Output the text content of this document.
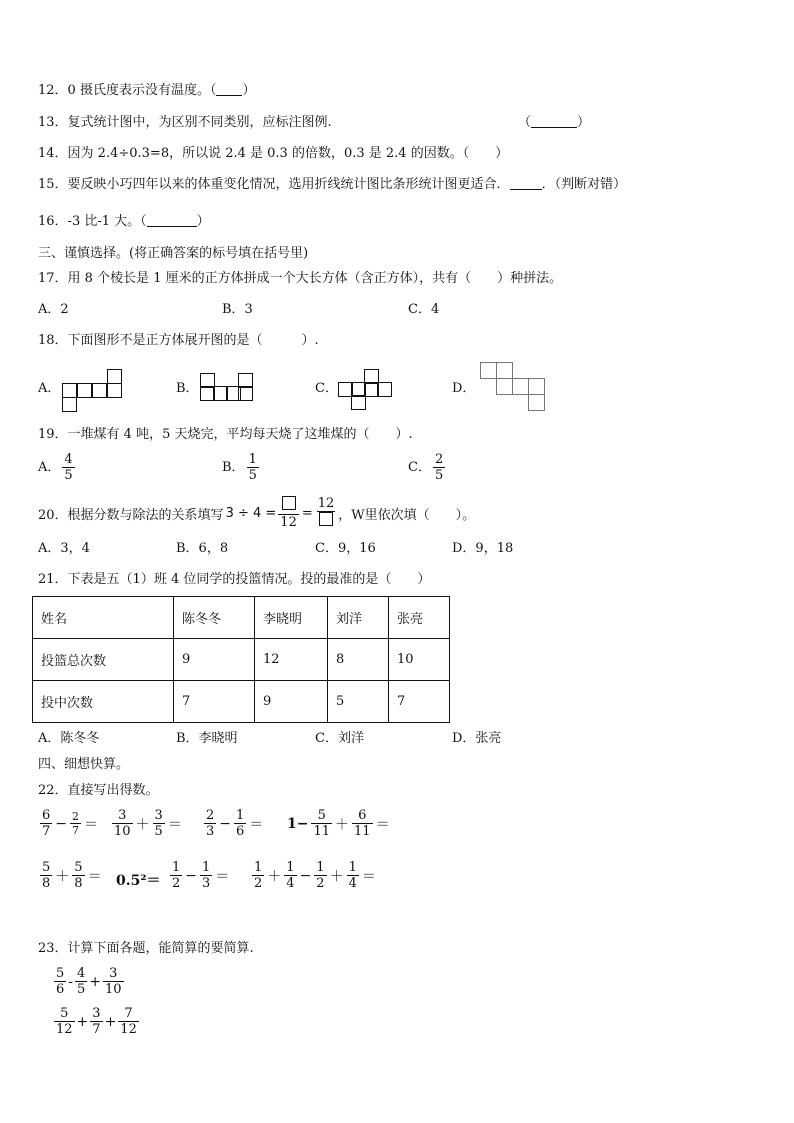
12．0 摄氏度表示没有温度。（ ）
13．复式统计图中，为区别不同类别，应标注图例.	（	）
14．因为 2.4÷0.3=8，所以说 2.4 是 0.3 的倍数，0.3 是 2.4 的因数。（　　）
15．要反映小巧四年以来的体重变化情况，选用折线统计图比条形统计图更适合． ．（判断对错）
16．-3 比-1 大。（	）
三、谨慎选择。(将正确答案的标号填在括号里)
17．用 8 个棱长是 1 厘米的正方体拼成一个大长方体（含正方体），共有（　　）种拼法。
A．2	B．3	C．4
18．下面图形不是正方体展开图的是（　　　）.
A．	B．	C．	D．
19．一堆煤有 4 吨，5 天烧完，平均每天烧了这堆煤的（　　）.
A． $\frac{4}{5}$	B． $\frac{1}{5}$	C． $\frac{2}{5}$
20． 根据分数与除法的关系填写 3 ÷ 4 =
12
=
12
，W里依次填（　　）。
A．3，4	B．6，8	C．9，16	D．9，18
21．下表是五（1）班 4 位同学的投篮情况。投的最准的是（　　）
姓名	陈冬冬	李晓明	刘洋	张亮
投篮总次数	9	12	8	10
投中次数	7	9	5	7
A．陈冬冬	B．李晓明	C．刘洋	D．张亮
四、细想快算。
22．直接写出得数。
$\frac{6}{7} - \frac{2}{7} = \frac{3}{10} + \frac{3}{5} = \frac{2}{3} - \frac{1}{6} = 1- \frac{5}{11} + \frac{6}{11}$ ＝
$\frac{5}{8} + \frac{5}{8} = 0.5^2= \frac{1}{2} - \frac{1}{3} = \frac{1}{2} + \frac{1}{4} - \frac{1}{2} + \frac{1}{4}$ ＝
23．计算下面各题，能简算的要简算.
$\frac{5}{6} - \frac{4}{5} + \frac{3}{10}$
$\frac{5}{12} + \frac{3}{7} + \frac{7}{12}$
